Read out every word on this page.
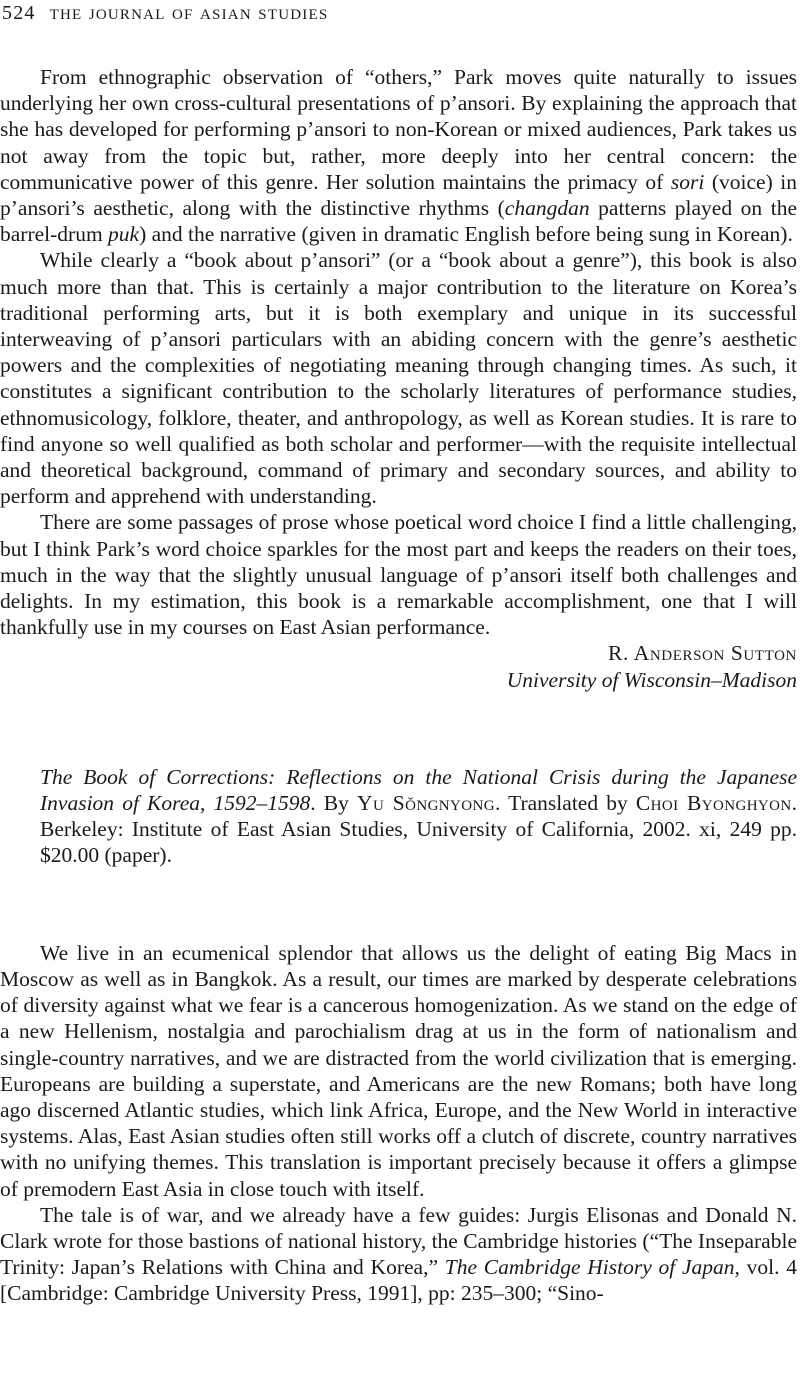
524 the journal of asian studies

From ethnographic observation of “others,” Park moves quite naturally to issues underlying her own cross-cultural presentations of p’ansori. By explaining the approach that she has developed for performing p’ansori to non-Korean or mixed audiences, Park takes us not away from the topic but, rather, more deeply into her central concern: the communicative power of this genre. Her solution maintains the primacy of sori (voice) in p’ansori’s aesthetic, along with the distinctive rhythms (changdan patterns played on the barrel-drum puk) and the narrative (given in dramatic English before being sung in Korean).

While clearly a “book about p’ansori” (or a “book about a genre”), this book is also much more than that. This is certainly a major contribution to the literature on Korea’s traditional performing arts, but it is both exemplary and unique in its successful interweaving of p’ansori particulars with an abiding concern with the genre’s aesthetic powers and the complexities of negotiating meaning through changing times. As such, it constitutes a significant contribution to the scholarly literatures of performance studies, ethnomusicology, folklore, theater, and anthropology, as well as Korean studies. It is rare to find anyone so well qualified as both scholar and performer—with the requisite intellectual and theoretical background, command of primary and secondary sources, and ability to perform and apprehend with understanding.

There are some passages of prose whose poetical word choice I find a little challenging, but I think Park’s word choice sparkles for the most part and keeps the readers on their toes, much in the way that the slightly unusual language of p’ansori itself both challenges and delights. In my estimation, this book is a remarkable accomplishment, one that I will thankfully use in my courses on East Asian performance.

R. Anderson Sutton
University of Wisconsin–Madison
The Book of Corrections: Reflections on the National Crisis during the Japanese Invasion of Korea, 1592–1598. By Yu Sŏngnyong. Translated by Choi Byonghyon. Berkeley: Institute of East Asian Studies, University of California, 2002. xi, 249 pp. $20.00 (paper).

We live in an ecumenical splendor that allows us the delight of eating Big Macs in Moscow as well as in Bangkok. As a result, our times are marked by desperate celebrations of diversity against what we fear is a cancerous homogenization. As we stand on the edge of a new Hellenism, nostalgia and parochialism drag at us in the form of nationalism and single-country narratives, and we are distracted from the world civilization that is emerging. Europeans are building a superstate, and Americans are the new Romans; both have long ago discerned Atlantic studies, which link Africa, Europe, and the New World in interactive systems. Alas, East Asian studies often still works off a clutch of discrete, country narratives with no unifying themes. This translation is important precisely because it offers a glimpse of premodern East Asia in close touch with itself.

The tale is of war, and we already have a few guides: Jurgis Elisonas and Donald N. Clark wrote for those bastions of national history, the Cambridge histories (“The Inseparable Trinity: Japan’s Relations with China and Korea,” The Cambridge History of Japan, vol. 4 [Cambridge: Cambridge University Press, 1991], pp: 235–300; “Sino-
